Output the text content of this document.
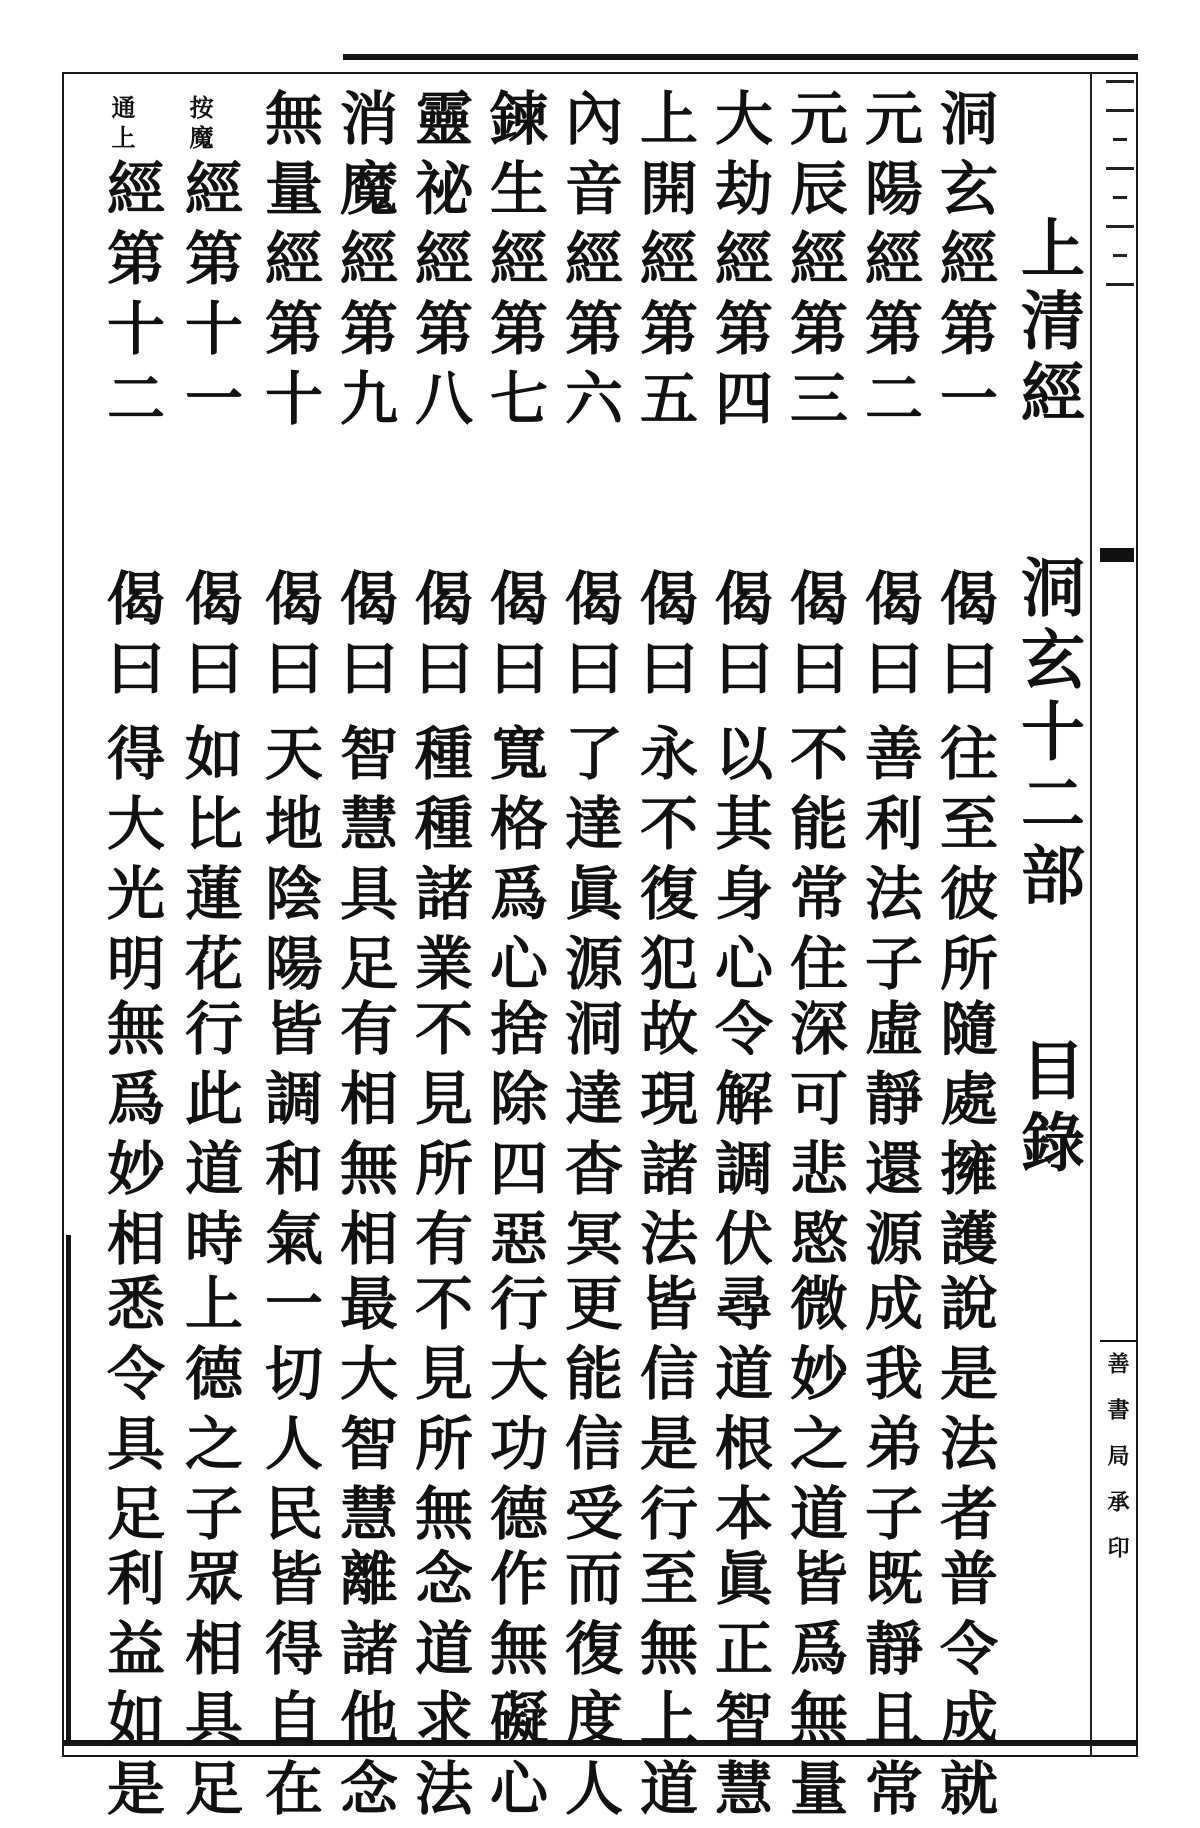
善書局承印
上清經 洞玄十二部 目錄
洞玄經第一
偈曰
往至彼所
隨處擁護
說是法者
普令成就
元陽經第二
偈曰
善利法子
虛靜還源
成我弟子
既靜且常
元辰經第三
偈曰
不能常住
深可悲愍
微妙之道
皆爲無量
大劫經第四
偈曰
以其身心
令解調伏
尋道根本
眞正智慧
上開經第五
偈曰
永不復犯
故現諸法
皆信是行
至無上道
內音經第六
偈曰
了達眞源
洞達杳冥
更能信受
而復度人
鍊生經第七
偈曰
寬格爲心
捨除四惡
行大功德
作無礙心
靈祕經第八
偈曰
種種諸業
不見所有
不見所無
念道求法
消魔經第九
偈曰
智慧具足
有相無相
最大智慧
離諸他念
無量經第十
偈曰
天地陰陽
皆調和氣
一切人民
皆得自在
按魔
經第十一
偈曰
如比蓮花
行此道時
上德之子
眾相具足
通上
經第十二
偈曰
得大光明
無爲妙相
悉令具足
利益如是
